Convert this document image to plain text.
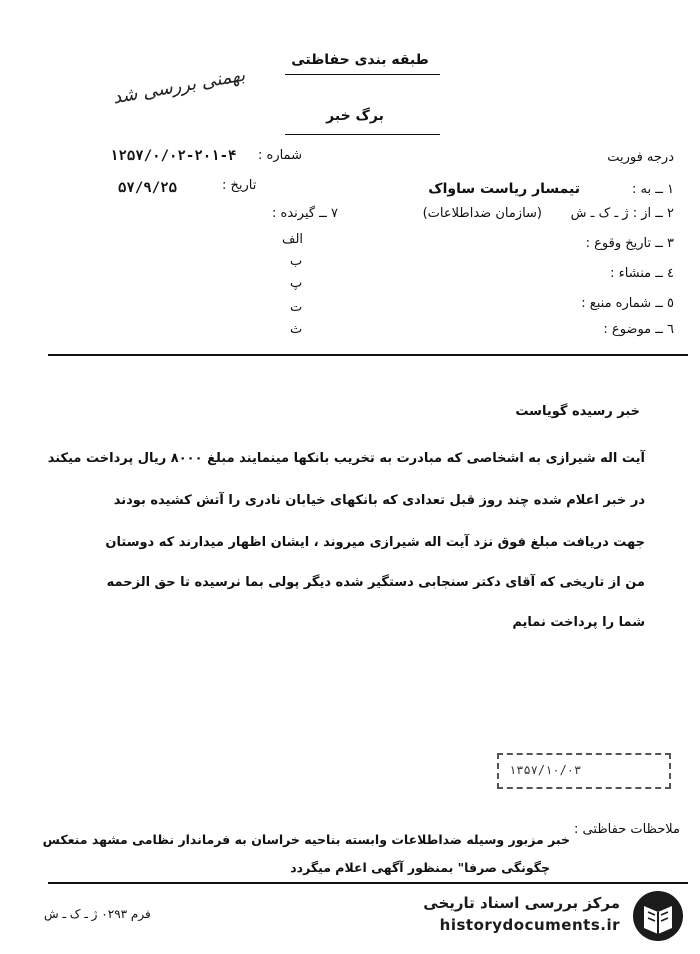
طبقه بندی حفاظتی
بهمنی بررسی شد
برگ خبر
درجه فوریت
شماره :
۱۲۵۷/۰/۰۲-۲۰۱-۴
تاریخ :
۵۷/۹/۲۵	۱ ــ به :
تیمسار ریاست ساواک
۲ ــ از : ژ ـ ک ـ ش
(سازمان ضداطلاعات)
۳ ــ تاریخ وقوع :
٤ ــ منشاء :
٥ ــ شماره منبع :
٦ ــ موضوع :
۷ ــ گیرنده :
الف
ب
پ
ت
ث
خبر رسیده گویاست
آیت اله شیرازی به اشخاصی که مبادرت به تخریب بانکها مینمایند مبلغ ۸۰۰۰ ریال پرداخت میکند
در خبر اعلام شده چند روز قبل تعدادی که بانکهای خیابان نادری را آتش کشیده بودند
جهت دریافت مبلغ فوق نزد آیت اله شیرازی میروند ، ایشان اظهار میدارند که دوستان
من از تاریخی که آقای دکتر سنجابی دستگیر شده دیگر پولی بما نرسیده تا حق الزحمه
شما را پرداخت نمایم
۱۳۵۷/۱۰/۰۳
ملاحظات حفاظتی :
خبر مزبور وسیله ضداطلاعات وابسته بناحیه خراسان به فرماندار نظامی مشهد منعکس
چگونگی صرفا" بمنظور آگهی اعلام میگردد
فرم ۰۲۹۳ ژ ـ ک ـ ش
مرکز بررسی اسناد تاریخی
historydocuments.ir
